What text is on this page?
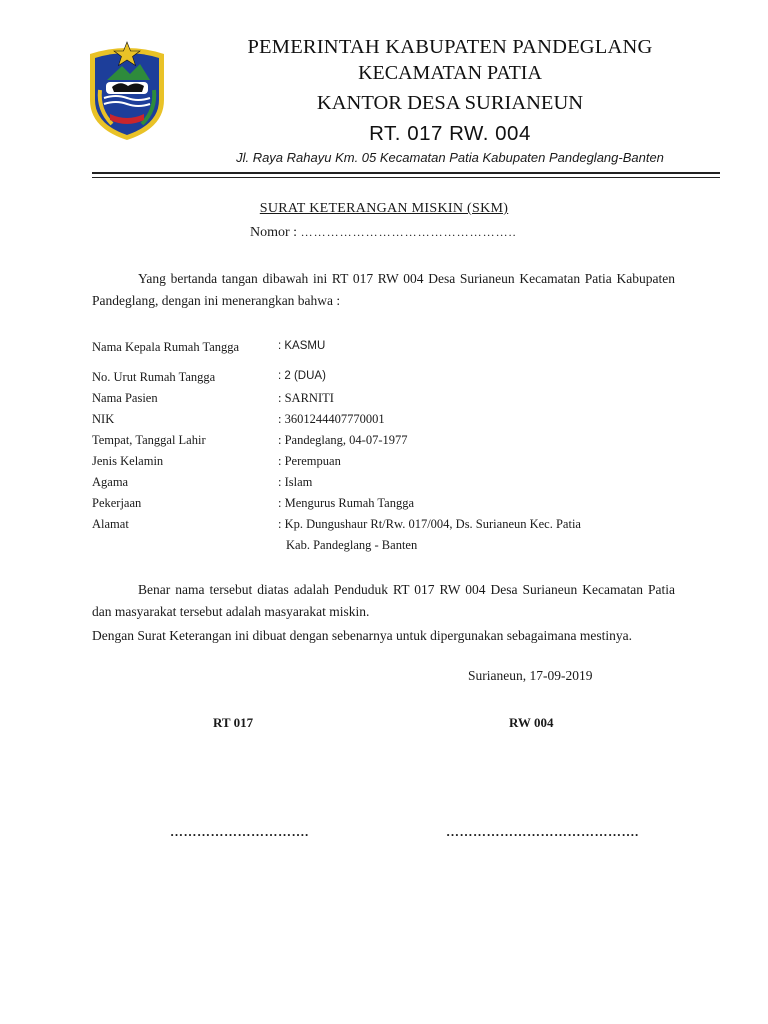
PEMERINTAH KABUPATEN PANDEGLANG
KECAMATAN PATIA
KANTOR DESA SURIANEUN
RT. 017 RW. 004
Jl. Raya Rahayu Km. 05 Kecamatan Patia Kabupaten Pandeglang-Banten
SURAT KETERANGAN MISKIN (SKM)
Nomor : …………………………………………..
Yang bertanda tangan dibawah ini RT 017 RW 004 Desa Surianeun Kecamatan Patia Kabupaten Pandeglang, dengan ini menerangkan bahwa :
Nama Kepala Rumah Tangga	: KASMU
No. Urut Rumah Tangga	: 2 (DUA)
Nama Pasien	: SARNITI
NIK	: 3601244407770001
Tempat, Tanggal Lahir	: Pandeglang, 04-07-1977
Jenis Kelamin	: Perempuan
Agama	: Islam
Pekerjaan	: Mengurus Rumah Tangga
Alamat	: Kp. Dungushaur Rt/Rw. 017/004, Ds. Surianeun Kec. Patia
Kab. Pandeglang - Banten
Benar nama tersebut diatas adalah Penduduk RT 017 RW 004 Desa Surianeun Kecamatan Patia dan masyarakat tersebut adalah masyarakat miskin.
Dengan Surat Keterangan ini dibuat dengan sebenarnya untuk dipergunakan sebagaimana mestinya.
Surianeun, 17-09-2019
RT 017	RW 004
………………………….	…………………………………….
